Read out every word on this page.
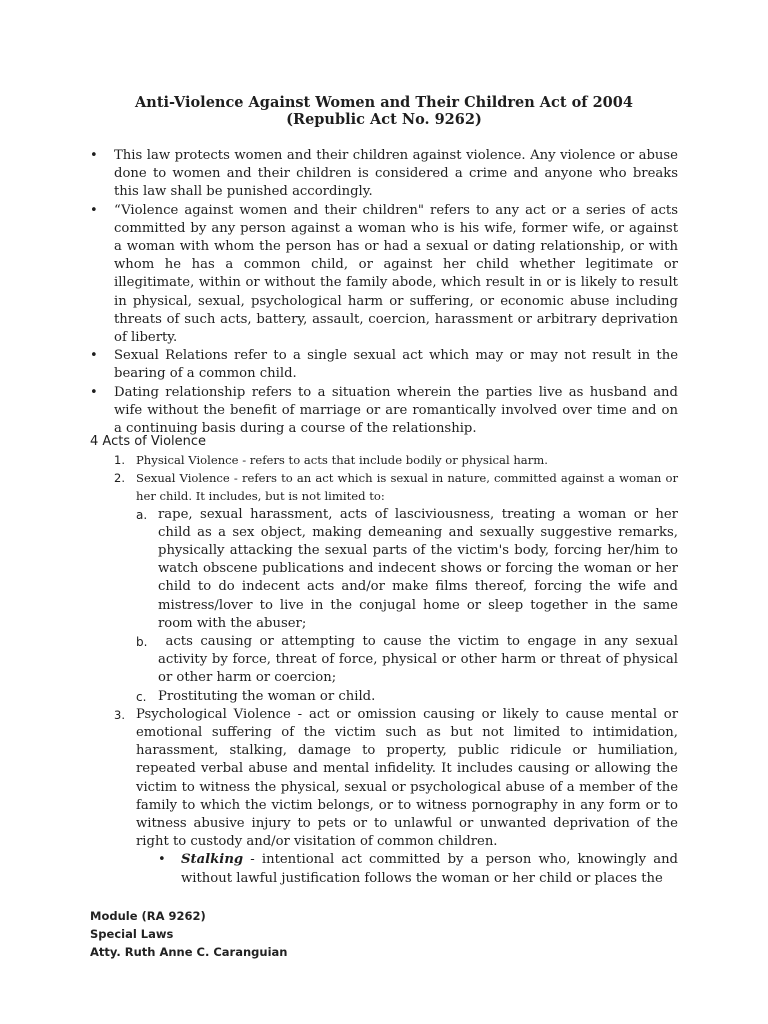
Anti-Violence Against Women and Their Children Act of 2004
(Republic Act No. 9262)
• This law protects women and their children against violence. Any violence or abuse done to women and their children is considered a crime and anyone who breaks this law shall be punished accordingly.
• “Violence against women and their children" refers to any act or a series of acts committed by any person against a woman who is his wife, former wife, or against a woman with whom the person has or had a sexual or dating relationship, or with whom he has a common child, or against her child whether legitimate or illegitimate, within or without the family abode, which result in or is likely to result in physical, sexual, psychological harm or suffering, or economic abuse including threats of such acts, battery, assault, coercion, harassment or arbitrary deprivation of liberty.
• Sexual Relations refer to a single sexual act which may or may not result in the bearing of a common child.
• Dating relationship refers to a situation wherein the parties live as husband and wife without the benefit of marriage or are romantically involved over time and on a continuing basis during a course of the relationship.
4 Acts of Violence
1. Physical Violence - refers to acts that include bodily or physical harm.
2. Sexual Violence - refers to an act which is sexual in nature, committed against a woman or her child. It includes, but is not limited to:
a. rape, sexual harassment, acts of lasciviousness, treating a woman or her child as a sex object, making demeaning and sexually suggestive remarks, physically attacking the sexual parts of the victim's body, forcing her/him to watch obscene publications and indecent shows or forcing the woman or her child to do indecent acts and/or make films thereof, forcing the wife and mistress/lover to live in the conjugal home or sleep together in the same room with the abuser;
b. acts causing or attempting to cause the victim to engage in any sexual activity by force, threat of force, physical or other harm or threat of physical or other harm or coercion;
c. Prostituting the woman or child.
3. Psychological Violence - act or omission causing or likely to cause mental or emotional suffering of the victim such as but not limited to intimidation, harassment, stalking, damage to property, public ridicule or humiliation, repeated verbal abuse and mental infidelity. It includes causing or allowing the victim to witness the physical, sexual or psychological abuse of a member of the family to which the victim belongs, or to witness pornography in any form or to witness abusive injury to pets or to unlawful or unwanted deprivation of the right to custody and/or visitation of common children.
• Stalking - intentional act committed by a person who, knowingly and without lawful justification follows the woman or her child or places the
Module (RA 9262)
Special Laws
Atty. Ruth Anne C. Caranguian
